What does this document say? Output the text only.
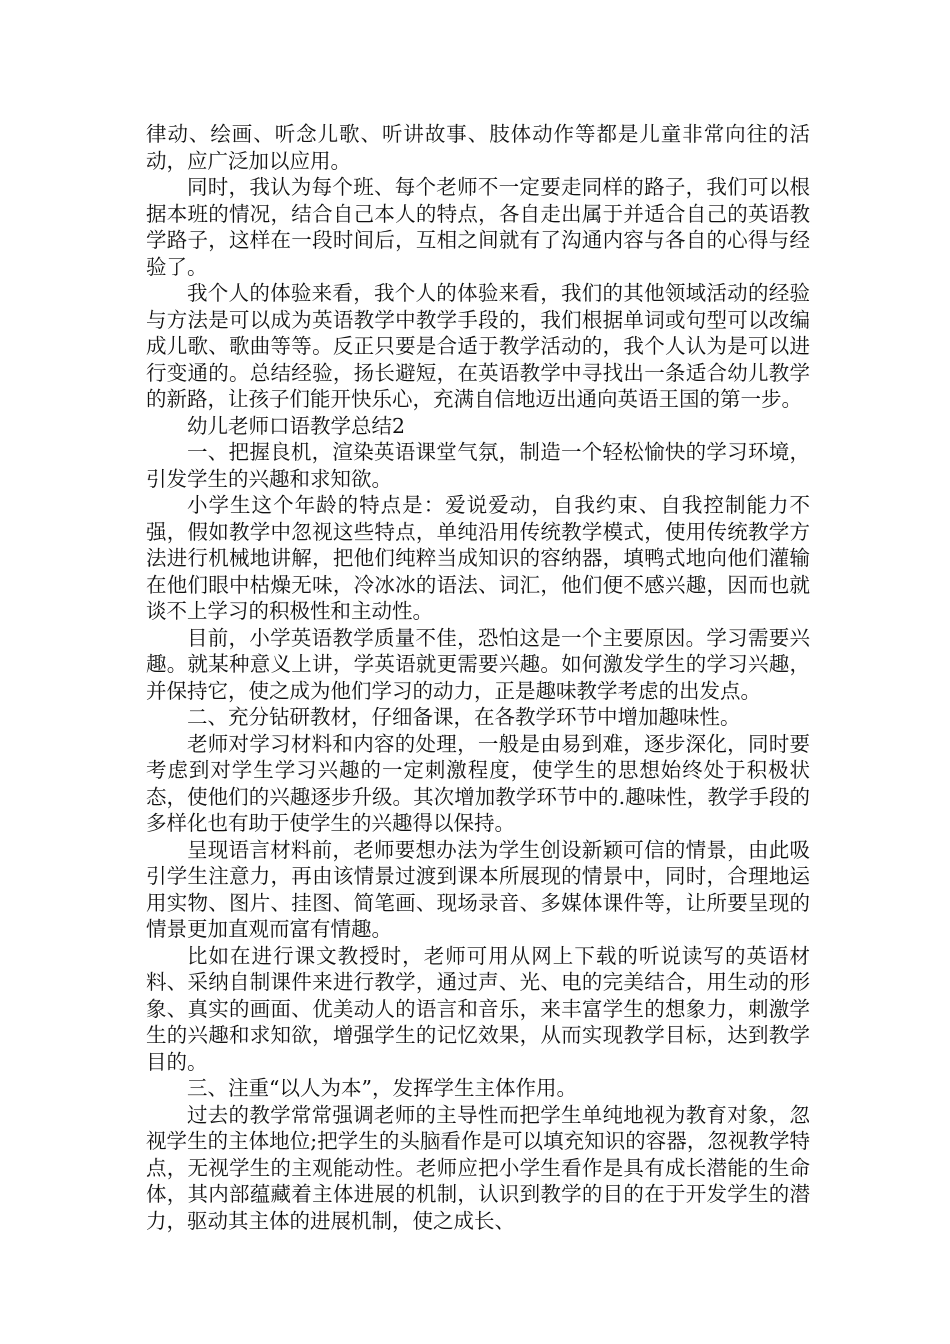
律动、绘画、听念儿歌、听讲故事、肢体动作等都是儿童非常向往的活动，应广泛加以应用。

同时，我认为每个班、每个老师不一定要走同样的路子，我们可以根据本班的情况，结合自己本人的特点，各自走出属于并适合自己的英语教学路子，这样在一段时间后，互相之间就有了沟通内容与各自的心得与经验了。

我个人的体验来看，我个人的体验来看，我们的其他领域活动的经验与方法是可以成为英语教学中教学手段的，我们根据单词或句型可以改编成儿歌、歌曲等等。反正只要是合适于教学活动的，我个人认为是可以进行变通的。总结经验，扬长避短，在英语教学中寻找出一条适合幼儿教学的新路，让孩子们能开快乐心，充满自信地迈出通向英语王国的第一步。

幼儿老师口语教学总结2

一、把握良机，渲染英语课堂气氛，制造一个轻松愉快的学习环境，引发学生的兴趣和求知欲。

小学生这个年龄的特点是：爱说爱动，自我约束、自我控制能力不强，假如教学中忽视这些特点，单纯沿用传统教学模式，使用传统教学方法进行机械地讲解，把他们纯粹当成知识的容纳器，填鸭式地向他们灌输在他们眼中枯燥无味，冷冰冰的语法、词汇，他们便不感兴趣，因而也就谈不上学习的积极性和主动性。

目前，小学英语教学质量不佳，恐怕这是一个主要原因。学习需要兴趣。就某种意义上讲，学英语就更需要兴趣。如何激发学生的学习兴趣，并保持它，使之成为他们学习的动力，正是趣味教学考虑的出发点。

二、充分钻研教材，仔细备课，在各教学环节中增加趣味性。

老师对学习材料和内容的处理，一般是由易到难，逐步深化，同时要考虑到对学生学习兴趣的一定刺激程度，使学生的思想始终处于积极状态，使他们的兴趣逐步升级。其次增加教学环节中的.趣味性，教学手段的多样化也有助于使学生的兴趣得以保持。

呈现语言材料前，老师要想办法为学生创设新颖可信的情景，由此吸引学生注意力，再由该情景过渡到课本所展现的情景中，同时，合理地运用实物、图片、挂图、简笔画、现场录音、多媒体课件等，让所要呈现的情景更加直观而富有情趣。

比如在进行课文教授时，老师可用从网上下载的听说读写的英语材料、采纳自制课件来进行教学，通过声、光、电的完美结合，用生动的形象、真实的画面、优美动人的语言和音乐，来丰富学生的想象力，刺激学生的兴趣和求知欲，增强学生的记忆效果，从而实现教学目标，达到教学目的。

三、注重“以人为本”，发挥学生主体作用。

过去的教学常常强调老师的主导性而把学生单纯地视为教育对象，忽视学生的主体地位;把学生的头脑看作是可以填充知识的容器，忽视教学特点，无视学生的主观能动性。老师应把小学生看作是具有成长潜能的生命体，其内部蕴藏着主体进展的机制，认识到教学的目的在于开发学生的潜力，驱动其主体的进展机制，使之成长、
